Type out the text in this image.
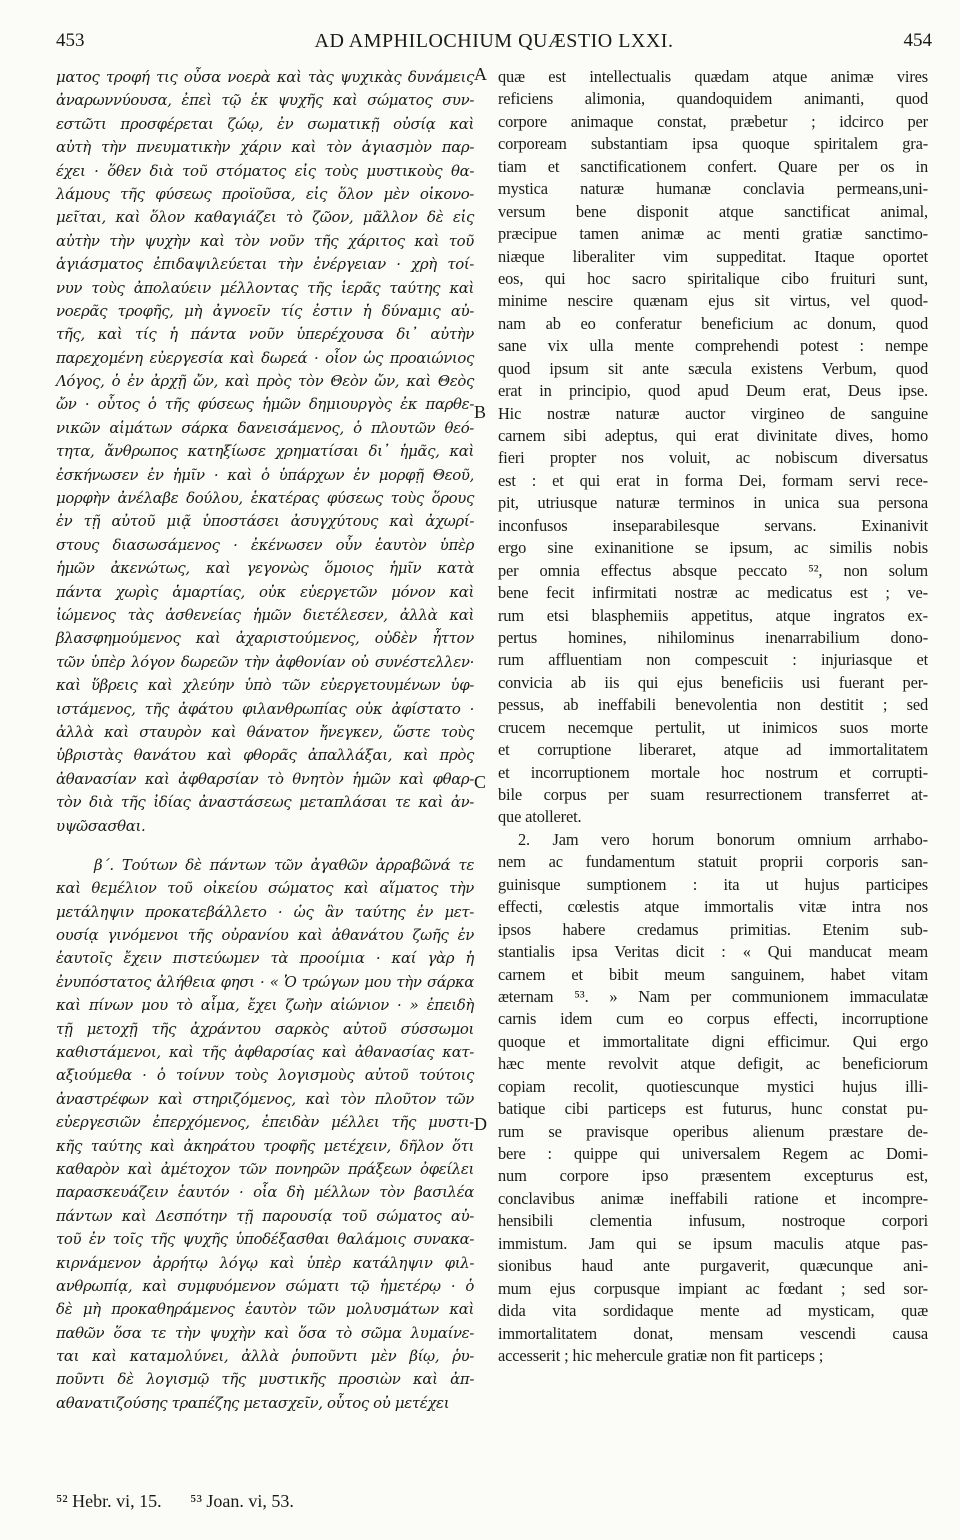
453	AD AMPHILOCHIUM QUÆSTIO LXXI.	454

ματος τροφή τις οὖσα νοερὰ καὶ τὰς ψυχικὰς δυνάμεις
ἀναρωννύουσα, ἐπεὶ τῷ ἐκ ψυχῆς καὶ σώματος συν-
εστῶτι προσφέρεται ζώῳ, ἐν σωματικῇ οὐσίᾳ καὶ
αὐτὴ τὴν πνευματικὴν χάριν καὶ τὸν ἁγιασμὸν παρ-
έχει · ὅθεν διὰ τοῦ στόματος εἰς τοὺς μυστικοὺς θα-
λάμους τῆς φύσεως προϊοῦσα, εἰς ὅλον μὲν οἰκονο-
μεῖται, καὶ ὅλον καθαγιάζει τὸ ζῶον, μᾶλλον δὲ εἰς
αὐτὴν τὴν ψυχὴν καὶ τὸν νοῦν τῆς χάριτος καὶ τοῦ
ἁγιάσματος ἐπιδαψιλεύεται τὴν ἐνέργειαν · χρὴ τοί-
νυν τοὺς ἀπολαύειν μέλλοντας τῆς ἱερᾶς ταύτης καὶ
νοερᾶς τροφῆς, μὴ ἀγνοεῖν τίς ἐστιν ἡ δύναμις αὐ-
τῆς, καὶ τίς ἡ πάντα νοῦν ὑπερέχουσα δι᾽ αὐτὴν
παρεχομένη εὐεργεσία καὶ δωρεά · οἷον ὡς προαιώνιος
Λόγος, ὁ ἐν ἀρχῇ ὤν, καὶ πρὸς τὸν Θεὸν ὤν, καὶ Θεὸς
ὤν · οὗτος ὁ τῆς φύσεως ἡμῶν δημιουργὸς ἐκ παρθε-
νικῶν αἱμάτων σάρκα δανεισάμενος, ὁ πλουτῶν θεό-
τητα, ἄνθρωπος κατηξίωσε χρηματίσαι δι᾽ ἡμᾶς, καὶ
ἐσκήνωσεν ἐν ἡμῖν · καὶ ὁ ὑπάρχων ἐν μορφῇ Θεοῦ,
μορφὴν ἀνέλαβε δούλου, ἑκατέρας φύσεως τοὺς ὅρους
ἐν τῇ αὐτοῦ μιᾷ ὑποστάσει ἀσυγχύτους καὶ ἀχωρί-
στους διασωσάμενος · ἐκένωσεν οὖν ἑαυτὸν ὑπὲρ
ἡμῶν ἀκενώτως, καὶ γεγονὼς ὅμοιος ἡμῖν κατὰ
πάντα χωρὶς ἁμαρτίας, οὐκ εὐεργετῶν μόνον καὶ
ἰώμενος τὰς ἀσθενείας ἡμῶν διετέλεσεν, ἀλλὰ καὶ
βλασφημούμενος καὶ ἀχαριστούμενος, οὐδὲν ἧττον
τῶν ὑπὲρ λόγον δωρεῶν τὴν ἀφθονίαν οὐ συνέστελλεν·
καὶ ὕβρεις καὶ χλεύην ὑπὸ τῶν εὐεργετουμένων ὑφ-
ιστάμενος, τῆς ἀφάτου φιλανθρωπίας οὐκ ἀφίστατο ·
ἀλλὰ καὶ σταυρὸν καὶ θάνατον ἤνεγκεν, ὥστε τοὺς
ὑβριστὰς θανάτου καὶ φθορᾶς ἀπαλλάξαι, καὶ πρὸς
ἀθανασίαν καὶ ἀφθαρσίαν τὸ θνητὸν ἡμῶν καὶ φθαρ-
τὸν διὰ τῆς ἰδίας ἀναστάσεως μεταπλάσαι τε καὶ ἀν-
υψῶσασθαι.

β΄. Τούτων δὲ πάντων τῶν ἀγαθῶν ἀρραβῶνά τε
καὶ θεμέλιον τοῦ οἰκείου σώματος καὶ αἵματος τὴν
μετάληψιν προκατεβάλλετο · ὡς ἂν ταύτης ἐν μετ-
ουσίᾳ γινόμενοι τῆς οὐρανίου καὶ ἀθανάτου ζωῆς ἐν
ἑαυτοῖς ἔχειν πιστεύωμεν τὰ προοίμια · καί γὰρ ἡ
ἐνυπόστατος ἀλήθεια φησι · « Ὁ τρώγων μου τὴν σάρκα
καὶ πίνων μου τὸ αἷμα, ἔχει ζωὴν αἰώνιον · » ἐπειδὴ
τῇ μετοχῇ τῆς ἀχράντου σαρκὸς αὐτοῦ σύσσωμοι
καθιστάμενοι, καὶ τῆς ἀφθαρσίας καὶ ἀθανασίας κατ-
αξιούμεθα · ὁ τοίνυν τοὺς λογισμοὺς αὐτοῦ τούτοις
ἀναστρέφων καὶ στηριζόμενος, καὶ τὸν πλοῦτον τῶν
εὐεργεσιῶν ἐπερχόμενος, ἐπειδὰν μέλλει τῆς μυστι-
κῆς ταύτης καὶ ἀκηράτου τροφῆς μετέχειν, δῆλον ὅτι
καθαρὸν καὶ ἀμέτοχον τῶν πονηρῶν πράξεων ὀφείλει
παρασκευάζειν ἑαυτόν · οἷα δὴ μέλλων τὸν βασιλέα
πάντων καὶ Δεσπότην τῇ παρουσίᾳ τοῦ σώματος αὐ-
τοῦ ἐν τοῖς τῆς ψυχῆς ὑποδέξασθαι θαλάμοις συνακα-
κιρνάμενον ἀρρήτῳ λόγῳ καὶ ὑπὲρ κατάληψιν φιλ-
ανθρωπίᾳ, καὶ συμφυόμενον σώματι τῷ ἡμετέρῳ · ὁ
δὲ μὴ προκαθηράμενος ἑαυτὸν τῶν μολυσμάτων καὶ
παθῶν ὅσα τε τὴν ψυχὴν καὶ ὅσα τὸ σῶμα λυμαίνε-
ται καὶ καταμολύνει, ἀλλὰ ῥυποῦντι μὲν βίῳ, ῥυ-
ποῦντι δὲ λογισμῷ τῆς μυστικῆς προσιὼν καὶ ἀπ-
αθανατιζούσης τραπέζης μετασχεῖν, οὗτος οὐ μετέχει

quæ est intellectualis quædam atque animæ vires
reficiens alimonia, quandoquidem animanti, quod
corpore animaque constat, præbetur ; idcirco per
corpoream substantiam ipsa quoque spiritalem gra-
tiam et sanctificationem confert. Quare per os in
mystica naturæ humanæ conclavia permeans,uni-
versum bene disponit atque sanctificat animal,
præcipue tamen animæ ac menti gratiæ sanctimo-
niæque liberaliter vim suppeditat. Itaque oportet
eos, qui hoc sacro spiritalique cibo fruituri sunt,
minime nescire quænam ejus sit virtus, vel quod-
nam ab eo conferatur beneficium ac donum, quod
sane vix ulla mente comprehendi potest : nempe
quod ipsum sit ante sæcula existens Verbum, quod
erat in principio, quod apud Deum erat, Deus ipse.
Hic nostræ naturæ auctor virgineo de sanguine
carnem sibi adeptus, qui erat divinitate dives, homo
fieri propter nos voluit, ac nobiscum diversatus
est : et qui erat in forma Dei, formam servi rece-
pit, utriusque naturæ terminos in unica sua persona
inconfusos inseparabilesque servans. Exinanivit
ergo sine exinanitione se ipsum, ac similis nobis
per omnia effectus absque peccato ⁵², non solum
bene fecit infirmitati nostræ ac medicatus est ; ve-
rum etsi blasphemiis appetitus, atque ingratos ex-
pertus homines, nihilominus inenarrabilium dono-
rum affluentiam non compescuit : injuriasque et
convicia ab iis qui ejus beneficiis usi fuerant per-
pessus, ab ineffabili benevolentia non destitit ; sed
crucem necemque pertulit, ut inimicos suos morte
et corruptione liberaret, atque ad immortalitatem
et incorruptionem mortale hoc nostrum et corrupti-
bile corpus per suam resurrectionem transferret at-
que atolleret.

2. Jam vero horum bonorum omnium arrhabo-
nem ac fundamentum statuit proprii corporis san-
guinisque sumptionem : ita ut hujus participes
effecti, cœlestis atque immortalis vitæ intra nos
ipsos habere credamus primitias. Etenim sub-
stantialis ipsa Veritas dicit : « Qui manducat meam
carnem et bibit meum sanguinem, habet vitam
æternam ⁵³. » Nam per communionem immaculatæ
carnis idem cum eo corpus effecti, incorruptione
quoque et immortalitate digni efficimur. Qui ergo
hæc mente revolvit atque defigit, ac beneficiorum
copiam recolit, quotiescunque mystici hujus illi-
batique cibi particeps est futurus, hunc constat pu-
rum se pravisque operibus alienum præstare de-
bere : quippe qui universalem Regem ac Domi-
num corpore ipso præsentem excepturus est,
conclavibus animæ ineffabili ratione et incompre-
hensibili clementia infusum, nostroque corpori
immistum. Jam qui se ipsum maculis atque pas-
sionibus haud ante purgaverit, quæcunque ani-
mum ejus corpusque impiant ac fœdant ; sed sor-
dida vita sordidaque mente ad mysticam, quæ
immortalitatem donat, mensam vescendi causa
accesserit ; hic mehercule gratiæ non fit particeps ;

A
B
C
D
⁵² Hebr. vi, 15. ⁵³ Joan. vi, 53.
